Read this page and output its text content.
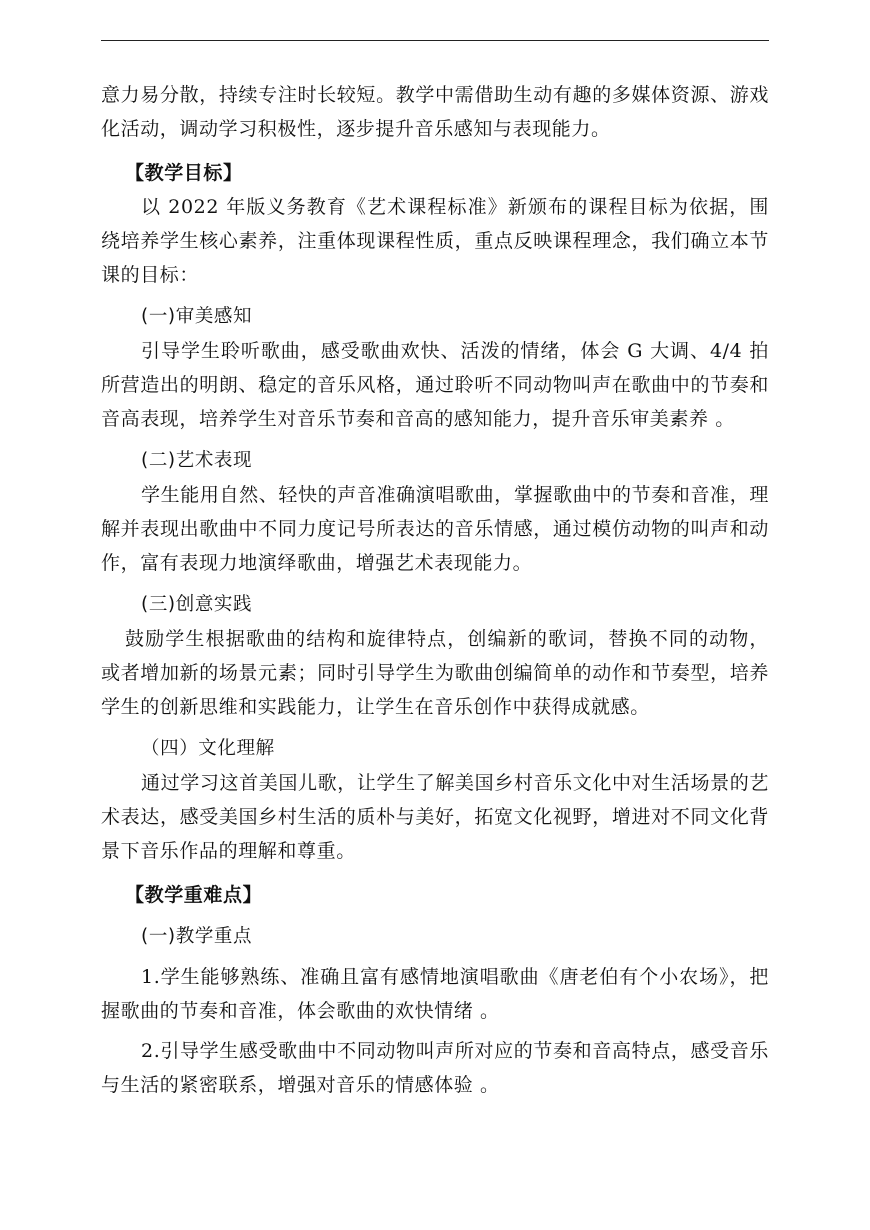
意力易分散，持续专注时长较短。教学中需借助生动有趣的多媒体资源、游戏化活动，调动学习积极性，逐步提升音乐感知与表现能力。

【教学目标】

以 2022 年版义务教育《艺术课程标准》新颁布的课程目标为依据，围绕培养学生核心素养，注重体现课程性质，重点反映课程理念，我们确立本节课的目标：

(一)审美感知

引导学生聆听歌曲，感受歌曲欢快、活泼的情绪，体会 G 大调、4/4 拍所营造出的明朗、稳定的音乐风格，通过聆听不同动物叫声在歌曲中的节奏和音高表现，培养学生对音乐节奏和音高的感知能力，提升音乐审美素养 。

(二)艺术表现

学生能用自然、轻快的声音准确演唱歌曲，掌握歌曲中的节奏和音准，理解并表现出歌曲中不同力度记号所表达的音乐情感，通过模仿动物的叫声和动作，富有表现力地演绎歌曲，增强艺术表现能力。

(三)创意实践

鼓励学生根据歌曲的结构和旋律特点，创编新的歌词，替换不同的动物，或者增加新的场景元素；同时引导学生为歌曲创编简单的动作和节奏型，培养学生的创新思维和实践能力，让学生在音乐创作中获得成就感。

（四）文化理解

通过学习这首美国儿歌，让学生了解美国乡村音乐文化中对生活场景的艺术表达，感受美国乡村生活的质朴与美好，拓宽文化视野，增进对不同文化背景下音乐作品的理解和尊重。

【教学重难点】

(一)教学重点

1.学生能够熟练、准确且富有感情地演唱歌曲《唐老伯有个小农场》，把握歌曲的节奏和音准，体会歌曲的欢快情绪 。

2.引导学生感受歌曲中不同动物叫声所对应的节奏和音高特点，感受音乐与生活的紧密联系，增强对音乐的情感体验 。
